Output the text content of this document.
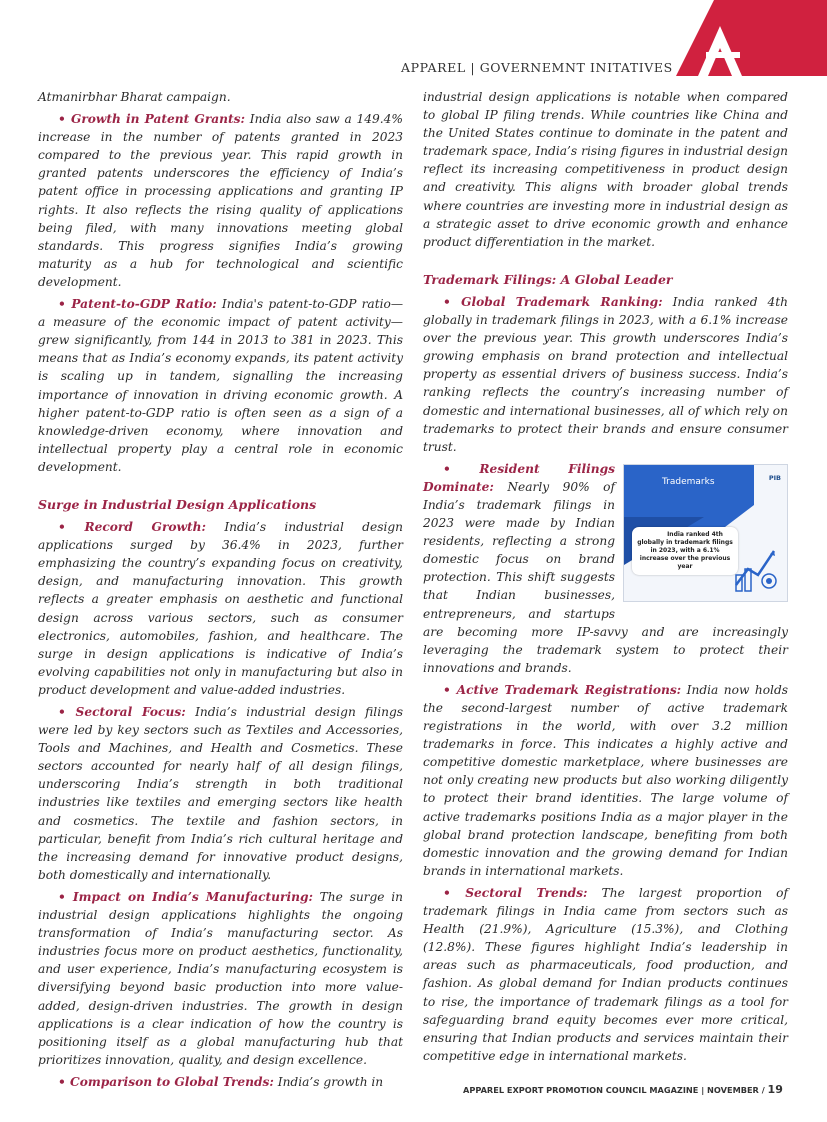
APPAREL | GOVERNEMNT INITATIVES

Atmanirbhar Bharat campaign.

• Growth in Patent Grants: India also saw a 149.4% increase in the number of patents granted in 2023 compared to the previous year. This rapid growth in granted patents underscores the efficiency of India’s patent office in processing applications and granting IP rights. It also reflects the rising quality of applications being filed, with many innovations meeting global standards. This progress signifies India’s growing maturity as a hub for technological and scientific development.

• Patent-to-GDP Ratio: India's patent-to-GDP ratio—a measure of the economic impact of patent activity—grew significantly, from 144 in 2013 to 381 in 2023. This means that as India’s economy expands, its patent activity is scaling up in tandem, signalling the increasing importance of innovation in driving economic growth. A higher patent-to-GDP ratio is often seen as a sign of a knowledge-driven economy, where innovation and intellectual property play a central role in economic development.

Surge in Industrial Design Applications

• Record Growth: India’s industrial design applications surged by 36.4% in 2023, further emphasizing the country’s expanding focus on creativity, design, and manufacturing innovation. This growth reflects a greater emphasis on aesthetic and functional design across various sectors, such as consumer electronics, automobiles, fashion, and healthcare. The surge in design applications is indicative of India’s evolving capabilities not only in manufacturing but also in product development and value-added industries.

• Sectoral Focus: India’s industrial design filings were led by key sectors such as Textiles and Accessories, Tools and Machines, and Health and Cosmetics. These sectors accounted for nearly half of all design filings, underscoring India’s strength in both traditional industries like textiles and emerging sectors like health and cosmetics. The textile and fashion sectors, in particular, benefit from India’s rich cultural heritage and the increasing demand for innovative product designs, both domestically and internationally.

• Impact on India’s Manufacturing: The surge in industrial design applications highlights the ongoing transformation of India’s manufacturing sector. As industries focus more on product aesthetics, functionality, and user experience, India’s manufacturing ecosystem is diversifying beyond basic production into more value-added, design-driven industries. The growth in design applications is a clear indication of how the country is positioning itself as a global manufacturing hub that prioritizes innovation, quality, and design excellence.

• Comparison to Global Trends: India’s growth in

industrial design applications is notable when compared to global IP filing trends. While countries like China and the United States continue to dominate in the patent and trademark space, India’s rising figures in industrial design reflect its increasing competitiveness in product design and creativity. This aligns with broader global trends where countries are investing more in industrial design as a strategic asset to drive economic growth and enhance product differentiation in the market.

Trademark Filings: A Global Leader

• Global Trademark Ranking: India ranked 4th globally in trademark filings in 2023, with a 6.1% increase over the previous year. This growth underscores India’s growing emphasis on brand protection and intellectual property as essential drivers of business success. India’s ranking reflects the country’s increasing number of domestic and international businesses, all of which rely on trademarks to protect their brands and ensure consumer trust.

Trademarks	PIB
India ranked 4th globally in trademark filings in 2023, with a 6.1% increase over the previous year
• Resident Filings Dominate: Nearly 90% of India’s trademark filings in 2023 were made by Indian residents, reflecting a strong domestic focus on brand protection. This shift suggests that Indian businesses, entrepreneurs, and startups are becoming more IP-savvy and are increasingly leveraging the trademark system to protect their innovations and brands.

• Active Trademark Registrations: India now holds the second-largest number of active trademark registrations in the world, with over 3.2 million trademarks in force. This indicates a highly active and competitive domestic marketplace, where businesses are not only creating new products but also working diligently to protect their brand identities. The large volume of active trademarks positions India as a major player in the global brand protection landscape, benefiting from both domestic innovation and the growing demand for Indian brands in international markets.

• Sectoral Trends: The largest proportion of trademark filings in India came from sectors such as Health (21.9%), Agriculture (15.3%), and Clothing (12.8%). These figures highlight India’s leadership in areas such as pharmaceuticals, food production, and fashion. As global demand for Indian products continues to rise, the importance of trademark filings as a tool for safeguarding brand equity becomes ever more critical, ensuring that Indian products and services maintain their competitive edge in international markets.

APPAREL EXPORT PROMOTION COUNCIL MAGAZINE | NOVEMBER / 19
